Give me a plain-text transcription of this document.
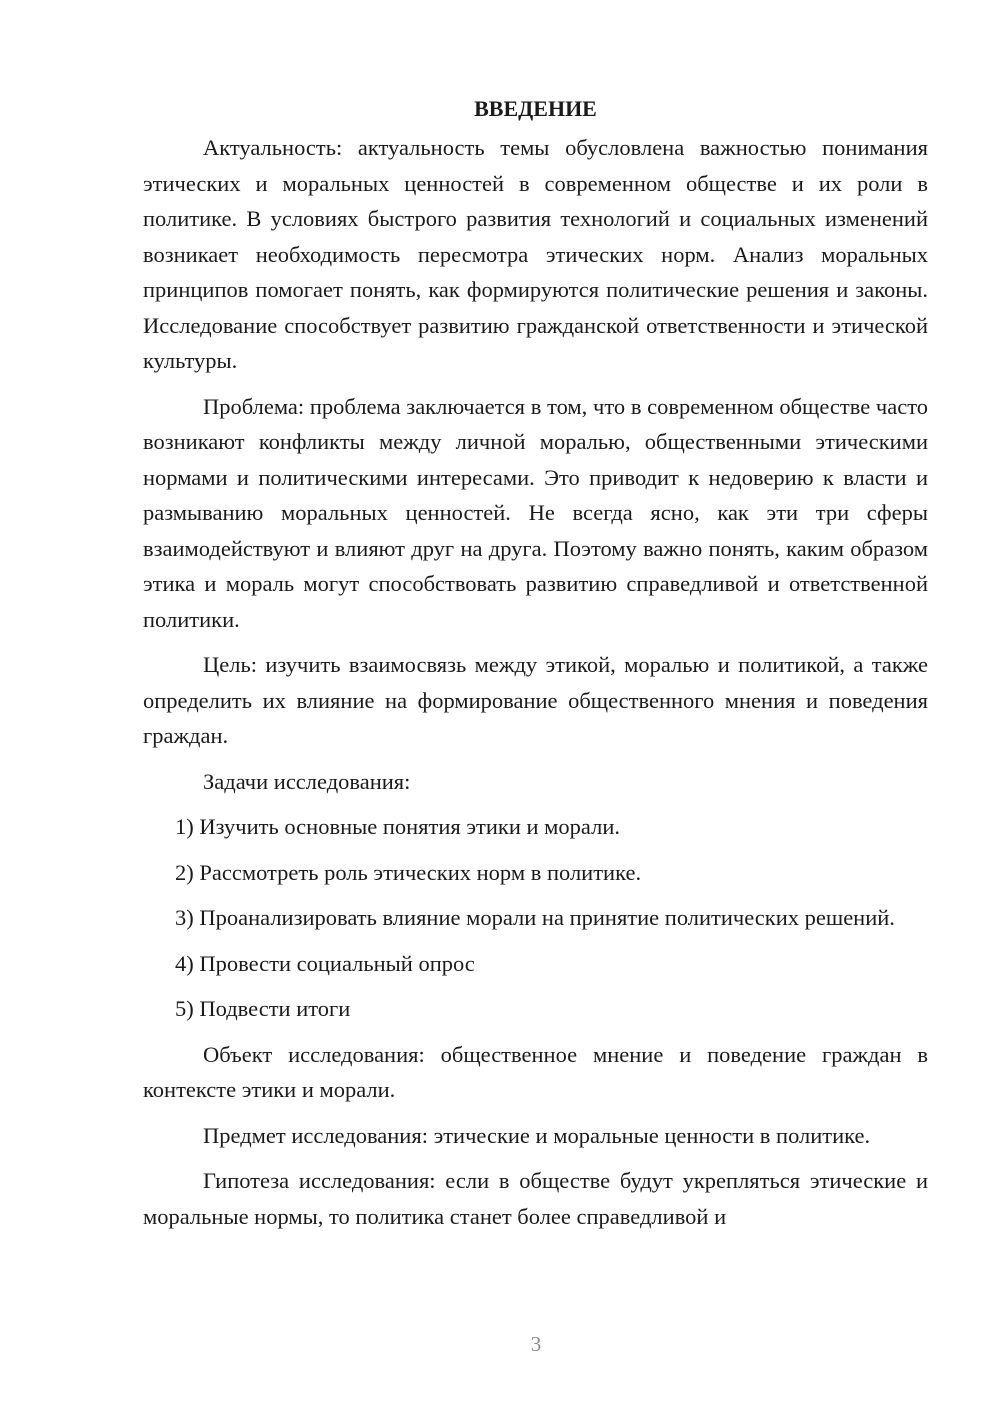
ВВЕДЕНИЕ

Актуальность: актуальность темы обусловлена важностью понимания этических и моральных ценностей в современном обществе и их роли в политике. В условиях быстрого развития технологий и социальных изменений возникает необходимость пересмотра этических норм. Анализ моральных принципов помогает понять, как формируются политические решения и законы. Исследование способствует развитию гражданской ответственности и этической культуры.

Проблема: проблема заключается в том, что в современном обществе часто возникают конфликты между личной моралью, общественными этическими нормами и политическими интересами. Это приводит к недоверию к власти и размыванию моральных ценностей. Не всегда ясно, как эти три сферы взаимодействуют и влияют друг на друга. Поэтому важно понять, каким образом этика и мораль могут способствовать развитию справедливой и ответственной политики.

Цель: изучить взаимосвязь между этикой, моралью и политикой, а также определить их влияние на формирование общественного мнения и поведения граждан.

Задачи исследования:

1) Изучить основные понятия этики и морали.

2) Рассмотреть роль этических норм в политике.

3) Проанализировать влияние морали на принятие политических решений.

4) Провести социальный опрос

5) Подвести итоги

Объект исследования: общественное мнение и поведение граждан в контексте этики и морали.

Предмет исследования: этические и моральные ценности в политике.

Гипотеза исследования: если в обществе будут укрепляться этические и моральные нормы, то политика станет более справедливой и

3
